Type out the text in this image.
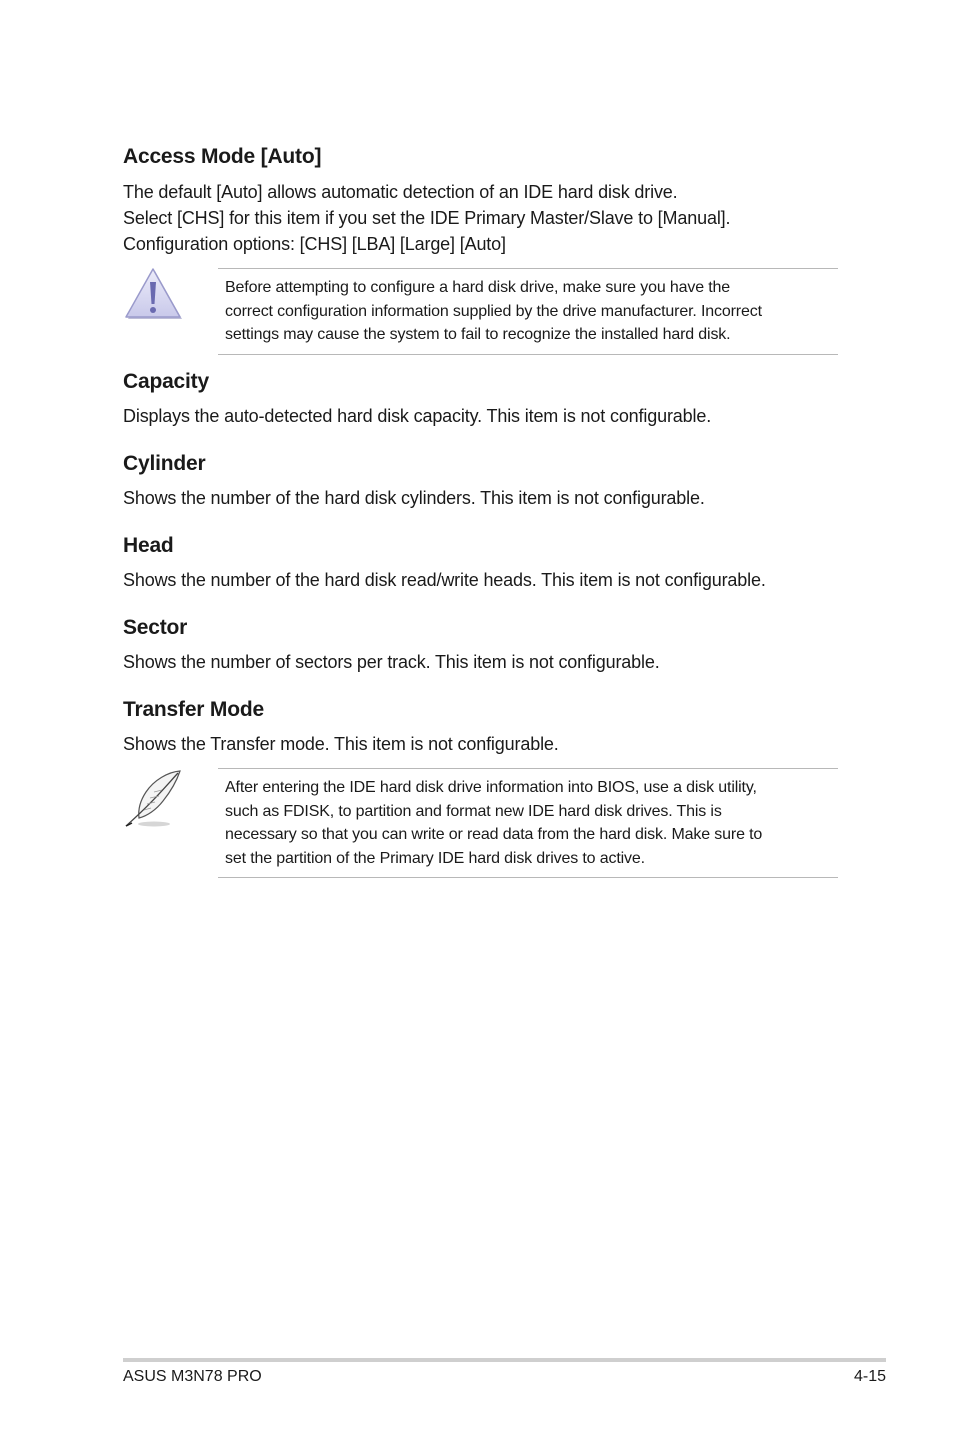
Access Mode [Auto]

The default [Auto] allows automatic detection of an IDE hard disk drive.
Select [CHS] for this item if you set the IDE Primary Master/Slave to [Manual].
Configuration options: [CHS] [LBA] [Large] [Auto]

Before attempting to configure a hard disk drive, make sure you have the
correct configuration information supplied by the drive manufacturer. Incorrect
settings may cause the system to fail to recognize the installed hard disk.

Capacity

Displays the auto-detected hard disk capacity. This item is not configurable.

Cylinder

Shows the number of the hard disk cylinders. This item is not configurable.

Head

Shows the number of the hard disk read/write heads. This item is not configurable.

Sector

Shows the number of sectors per track. This item is not configurable.

Transfer Mode

Shows the Transfer mode. This item is not configurable.

After entering the IDE hard disk drive information into BIOS, use a disk utility,
such as FDISK, to partition and format new IDE hard disk drives. This is
necessary so that you can write or read data from the hard disk. Make sure to
set the partition of the Primary IDE hard disk drives to active.

ASUS M3N78 PRO	4-15
